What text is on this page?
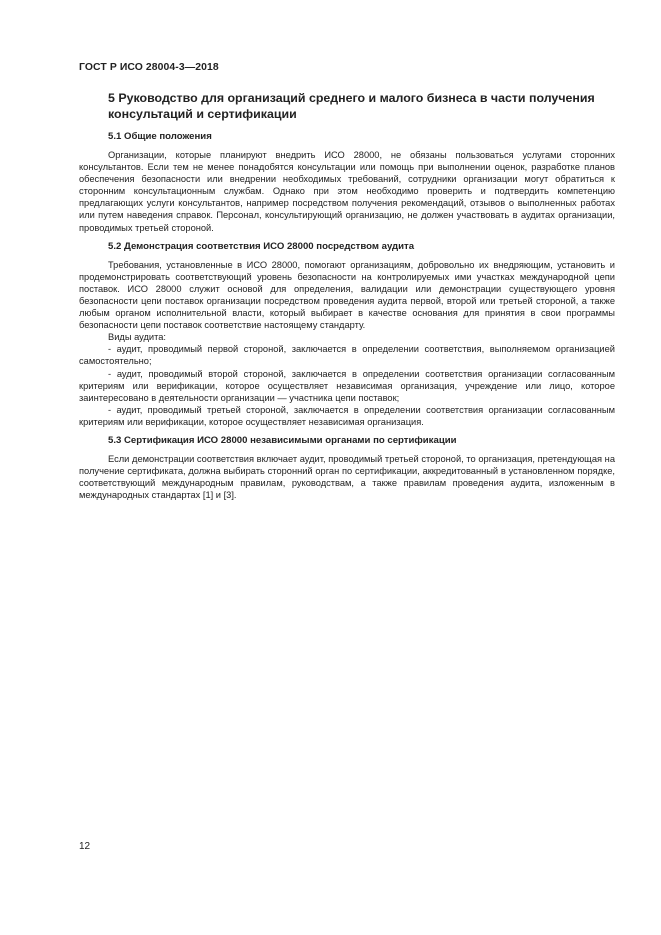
ГОСТ Р ИСО 28004-3—2018
5 Руководство для организаций среднего и малого бизнеса в части получения консультаций и сертификации
5.1 Общие положения

Организации, которые планируют внедрить ИСО 28000, не обязаны пользоваться услугами сторонних консультантов. Если тем не менее понадобятся консультации или помощь при выполнении оценок, разработке планов обеспечения безопасности или внедрении необходимых требований, сотрудники организации могут обратиться к сторонним консультационным службам. Однако при этом необходимо проверить и подтвердить компетенцию предлагающих услуги консультантов, например посредством получения рекомендаций, отзывов о выполненных работах или путем наведения справок. Персонал, консультирующий организацию, не должен участвовать в аудитах организации, проводимых третьей стороной.

5.2 Демонстрация соответствия ИСО 28000 посредством аудита

Требования, установленные в ИСО 28000, помогают организациям, добровольно их внедряющим, установить и продемонстрировать соответствующий уровень безопасности на контролируемых ими участках международной цепи поставок. ИСО 28000 служит основой для определения, валидации или демонстрации существующего уровня безопасности цепи поставок организации посредством проведения аудита первой, второй или третьей стороной, а также любым органом исполнительной власти, который выбирает в качестве основания для принятия в свои программы безопасности цепи поставок соответствие настоящему стандарту.

Виды аудита:

- аудит, проводимый первой стороной, заключается в определении соответствия, выполняемом организацией самостоятельно;

- аудит, проводимый второй стороной, заключается в определении соответствия организации согласованным критериям или верификации, которое осуществляет независимая организация, учреждение или лицо, которое заинтересовано в деятельности организации — участника цепи поставок;

- аудит, проводимый третьей стороной, заключается в определении соответствия организации согласованным критериям или верификации, которое осуществляет независимая организация.

5.3 Сертификация ИСО 28000 независимыми органами по сертификации

Если демонстрации соответствия включает аудит, проводимый третьей стороной, то организация, претендующая на получение сертификата, должна выбирать сторонний орган по сертификации, аккредитованный в установленном порядке, соответствующий международным правилам, руководствам, а также правилам проведения аудита, изложенным в международных стандартах [1] и [3].

12
